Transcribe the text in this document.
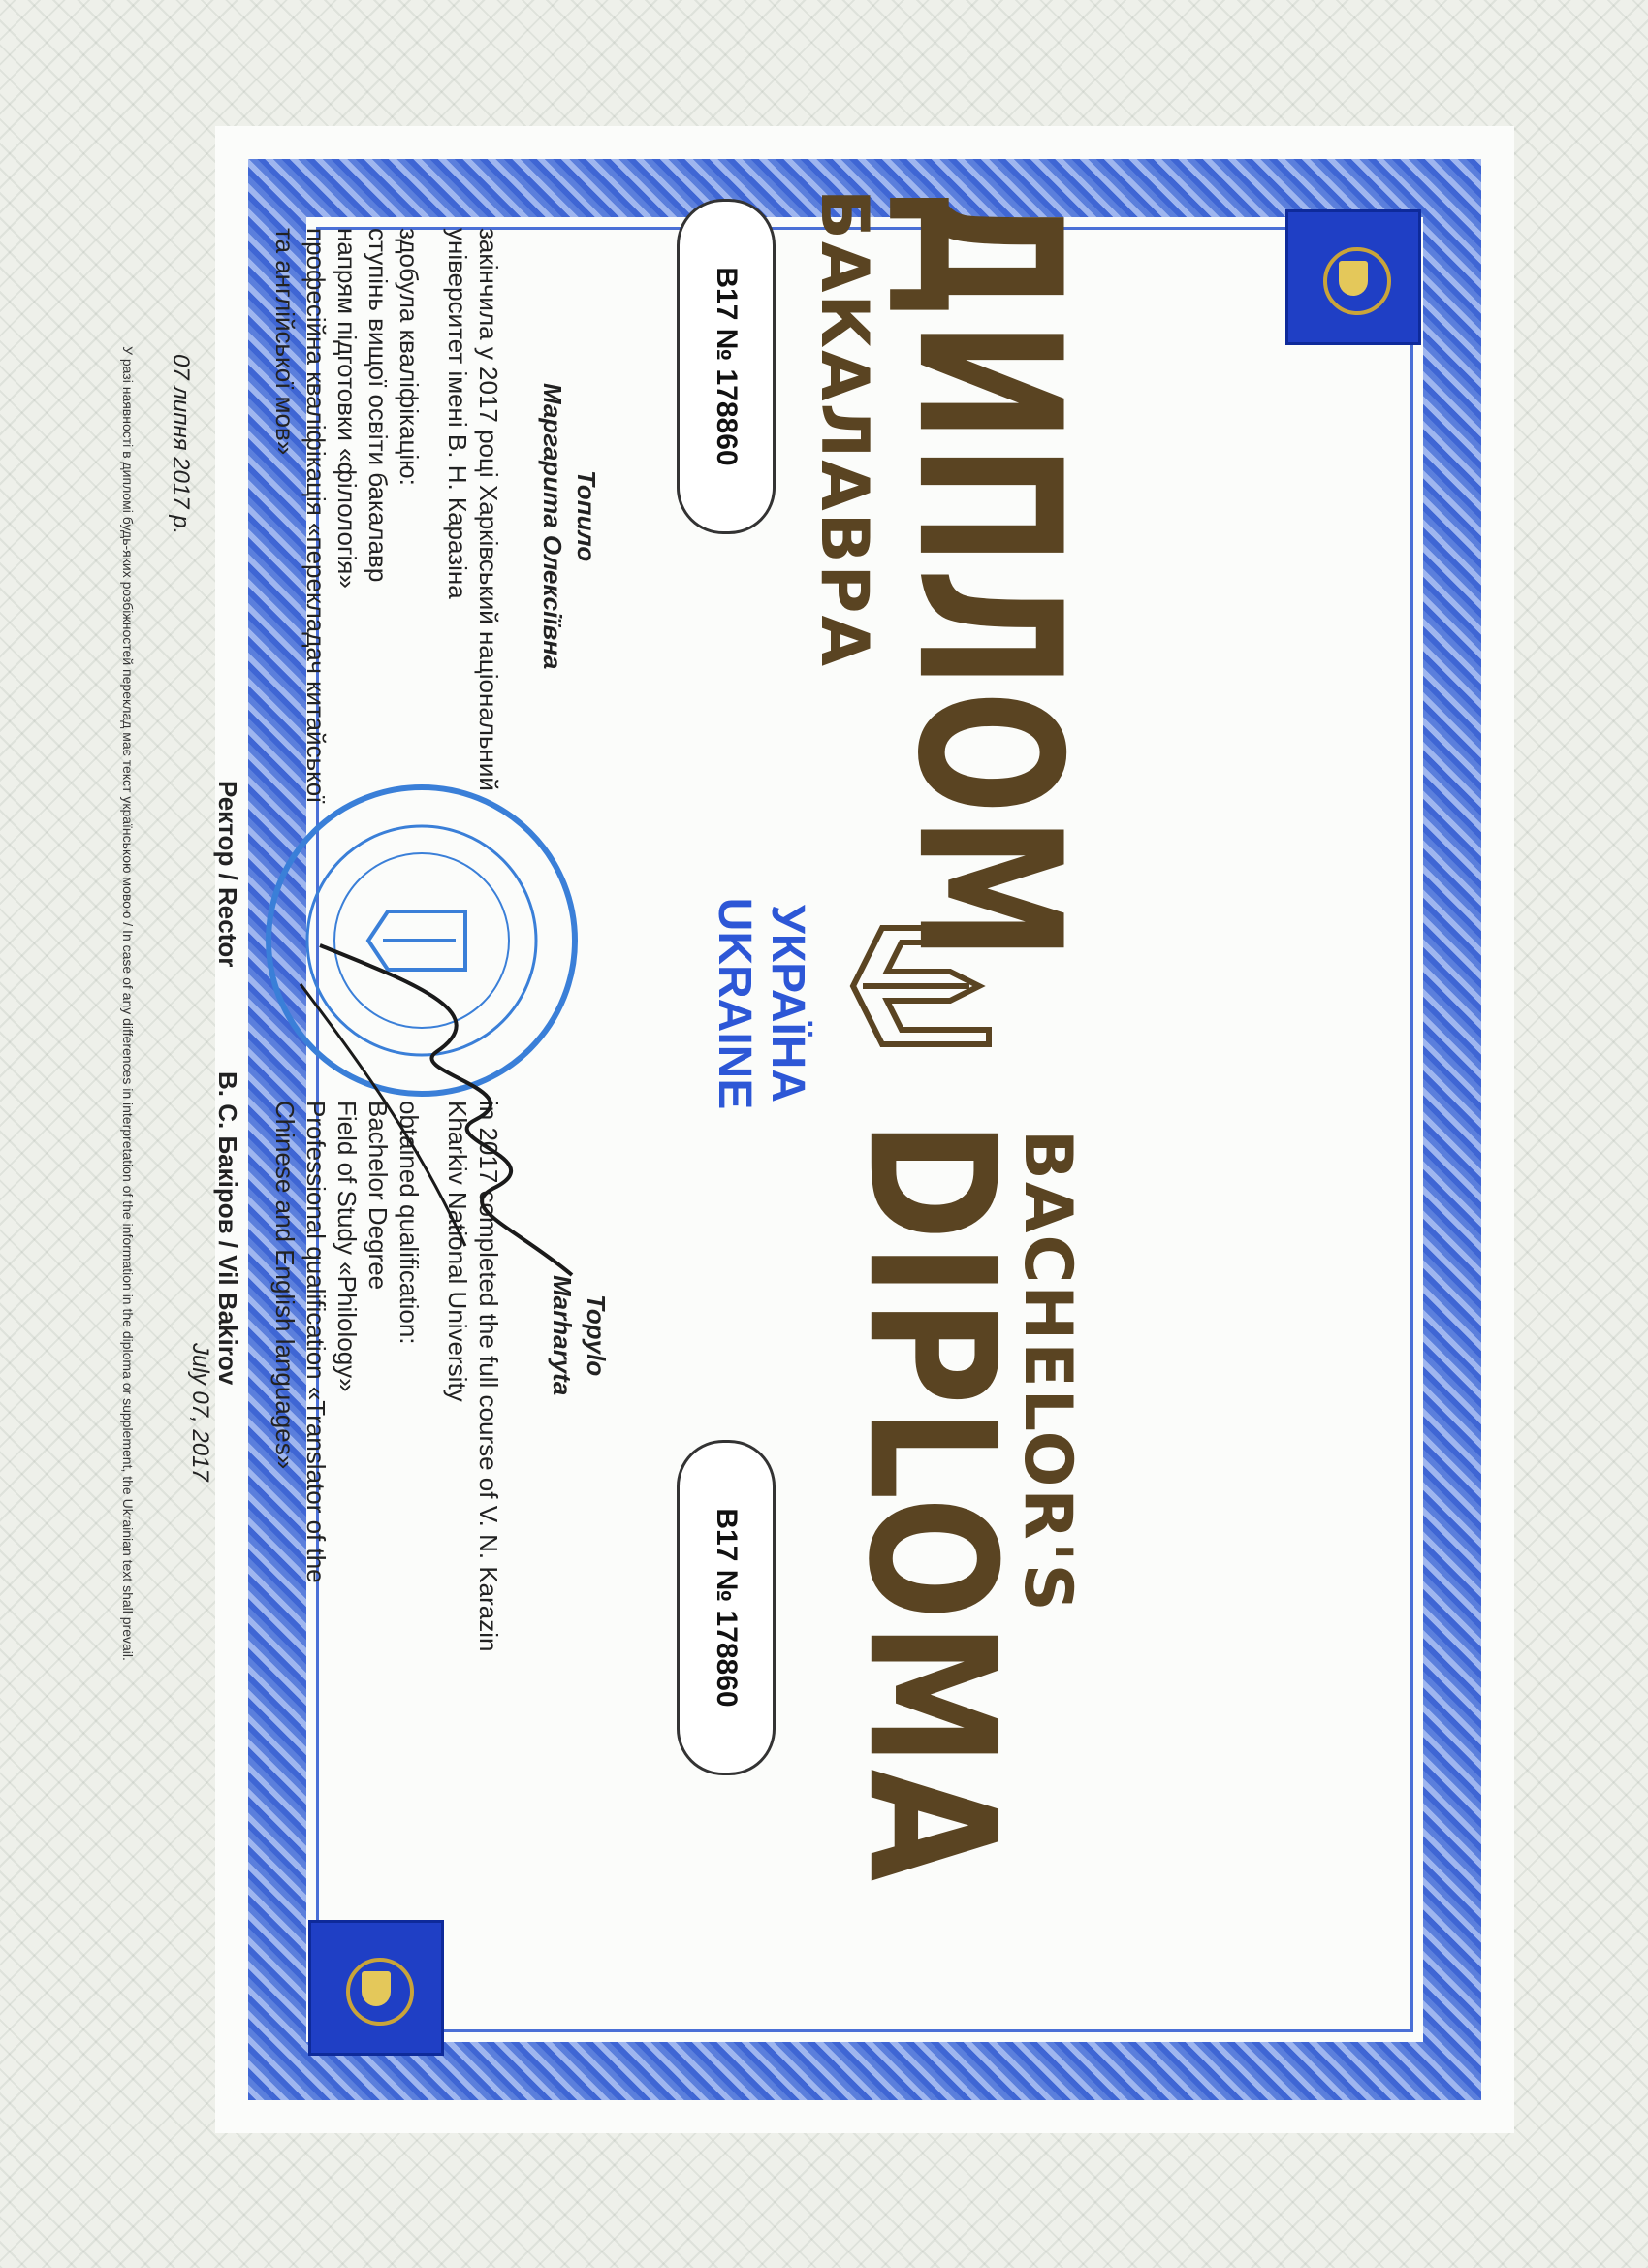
ДИПЛОМ
БАКАЛАВРА
BACHELOR'S
DIPLOMA
B17 № 178860
B17 № 178860
УКРАЇНА
UKRAINE
Топило
Маргарита Олексіївна
Topylo
Marharyta

закінчила у 2017 році Харківський національний університет імені В. Н. Каразіна

здобула кваліфікацію:
ступінь вищої освіти бакалавр
напрям підготовки «філологія»
професійна кваліфікація «перекладач китайської та англійської мов»

in 2017 completed the full course of V. N. Karazin Kharkiv National University

obtained qualification:
Bachelor Degree
Field of Study «Philology»
Professional qualification «Translator of the Chinese and English languages»
Ректор / Rector
В. С. Бакіров / Vil Bakirov
07 липня 2017 р.
July 07, 2017
У разі наявності в дипломі будь-яких розбіжностей переклад має текст українською мовою / In case of any differences in interpretation of the information in the diploma or supplement, the Ukrainian text shall prevail.
